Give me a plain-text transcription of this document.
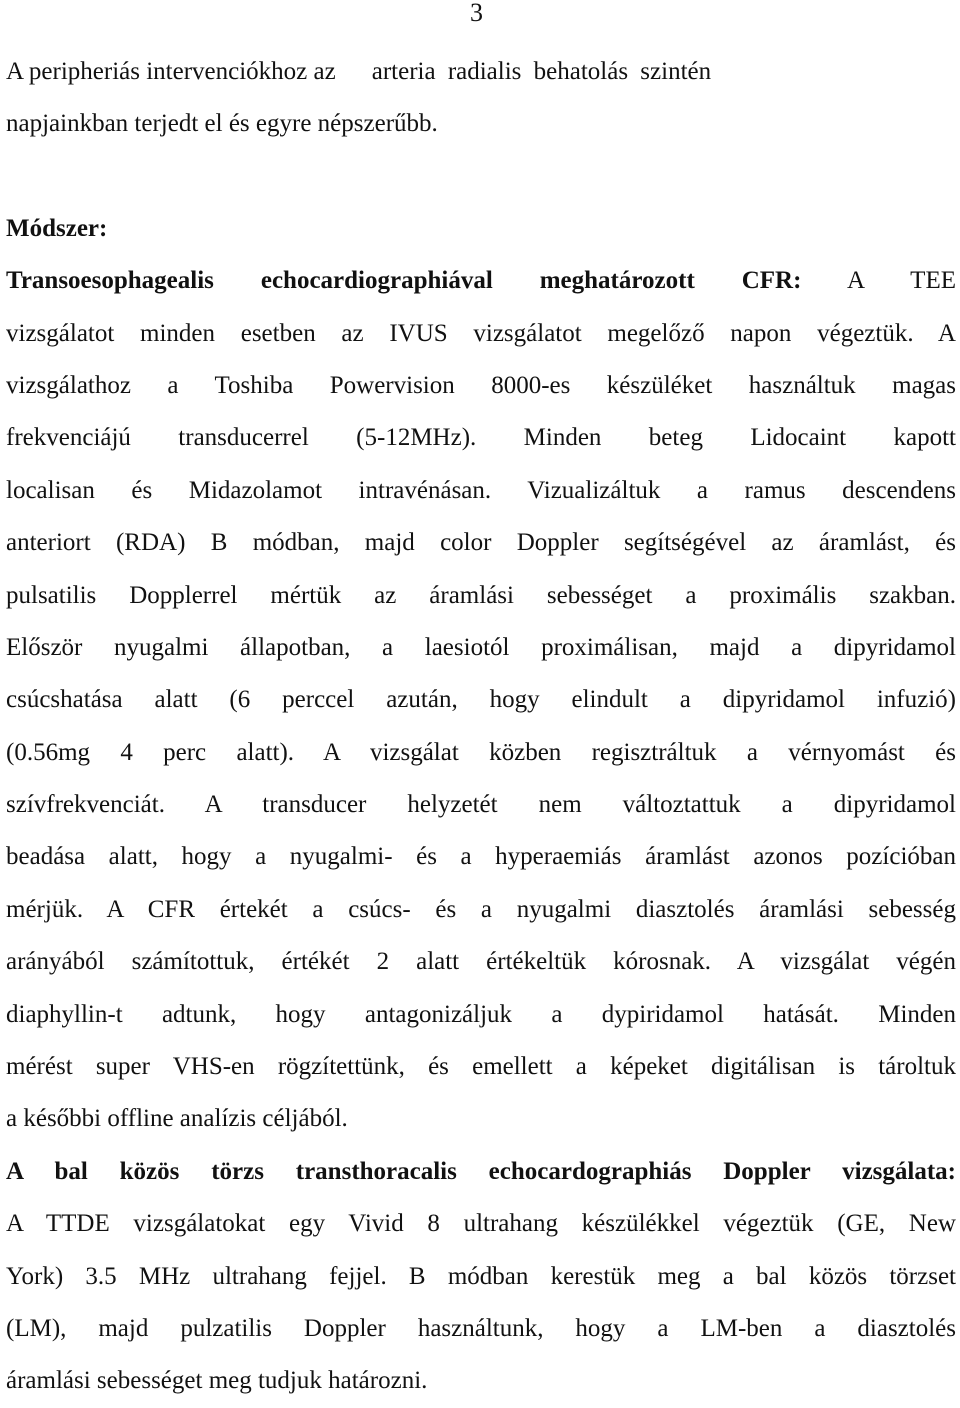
3
A peripheriás intervenciókhoz az arteria radialis behatolás szintén
napjainkban terjedt el és egyre népszerűbb.
Módszer:
Transoesophagealis echocardiographiával meghatározott CFR: A TEE
vizsgálatot minden esetben az IVUS vizsgálatot megelőző napon végeztük. A
vizsgálathoz a Toshiba Powervision 8000-es készüléket használtuk magas
frekvenciájú transducerrel (5-12MHz). Minden beteg Lidocaint kapott
localisan és Midazolamot intravénásan. Vizualizáltuk a ramus descendens
anteriort (RDA) B módban, majd color Doppler segítségével az áramlást, és
pulsatilis Dopplerrel mértük az áramlási sebességet a proximális szakban.
Először nyugalmi állapotban, a laesiotól proximálisan, majd a dipyridamol
csúcshatása alatt (6 perccel azután, hogy elindult a dipyridamol infuzió)
(0.56mg 4 perc alatt). A vizsgálat közben regisztráltuk a vérnyomást és
szívfrekvenciát. A transducer helyzetét nem változtattuk a dipyridamol
beadása alatt, hogy a nyugalmi- és a hyperaemiás áramlást azonos pozícióban
mérjük. A CFR értekét a csúcs- és a nyugalmi diasztolés áramlási sebesség
arányából számítottuk, értékét 2 alatt értékeltük kórosnak. A vizsgálat végén
diaphyllin-t adtunk, hogy antagonizáljuk a dypiridamol hatását. Minden
mérést super VHS-en rögzítettünk, és emellett a képeket digitálisan is tároltuk
a későbbi offline analízis céljából.
A bal közös törzs transthoracalis echocardographiás Doppler vizsgálata:
A TTDE vizsgálatokat egy Vivid 8 ultrahang készülékkel végeztük (GE, New
York) 3.5 MHz ultrahang fejjel. B módban kerestük meg a bal közös törzset
(LM), majd pulzatilis Doppler használtunk, hogy a LM-ben a diasztolés
áramlási sebességet meg tudjuk határozni.
